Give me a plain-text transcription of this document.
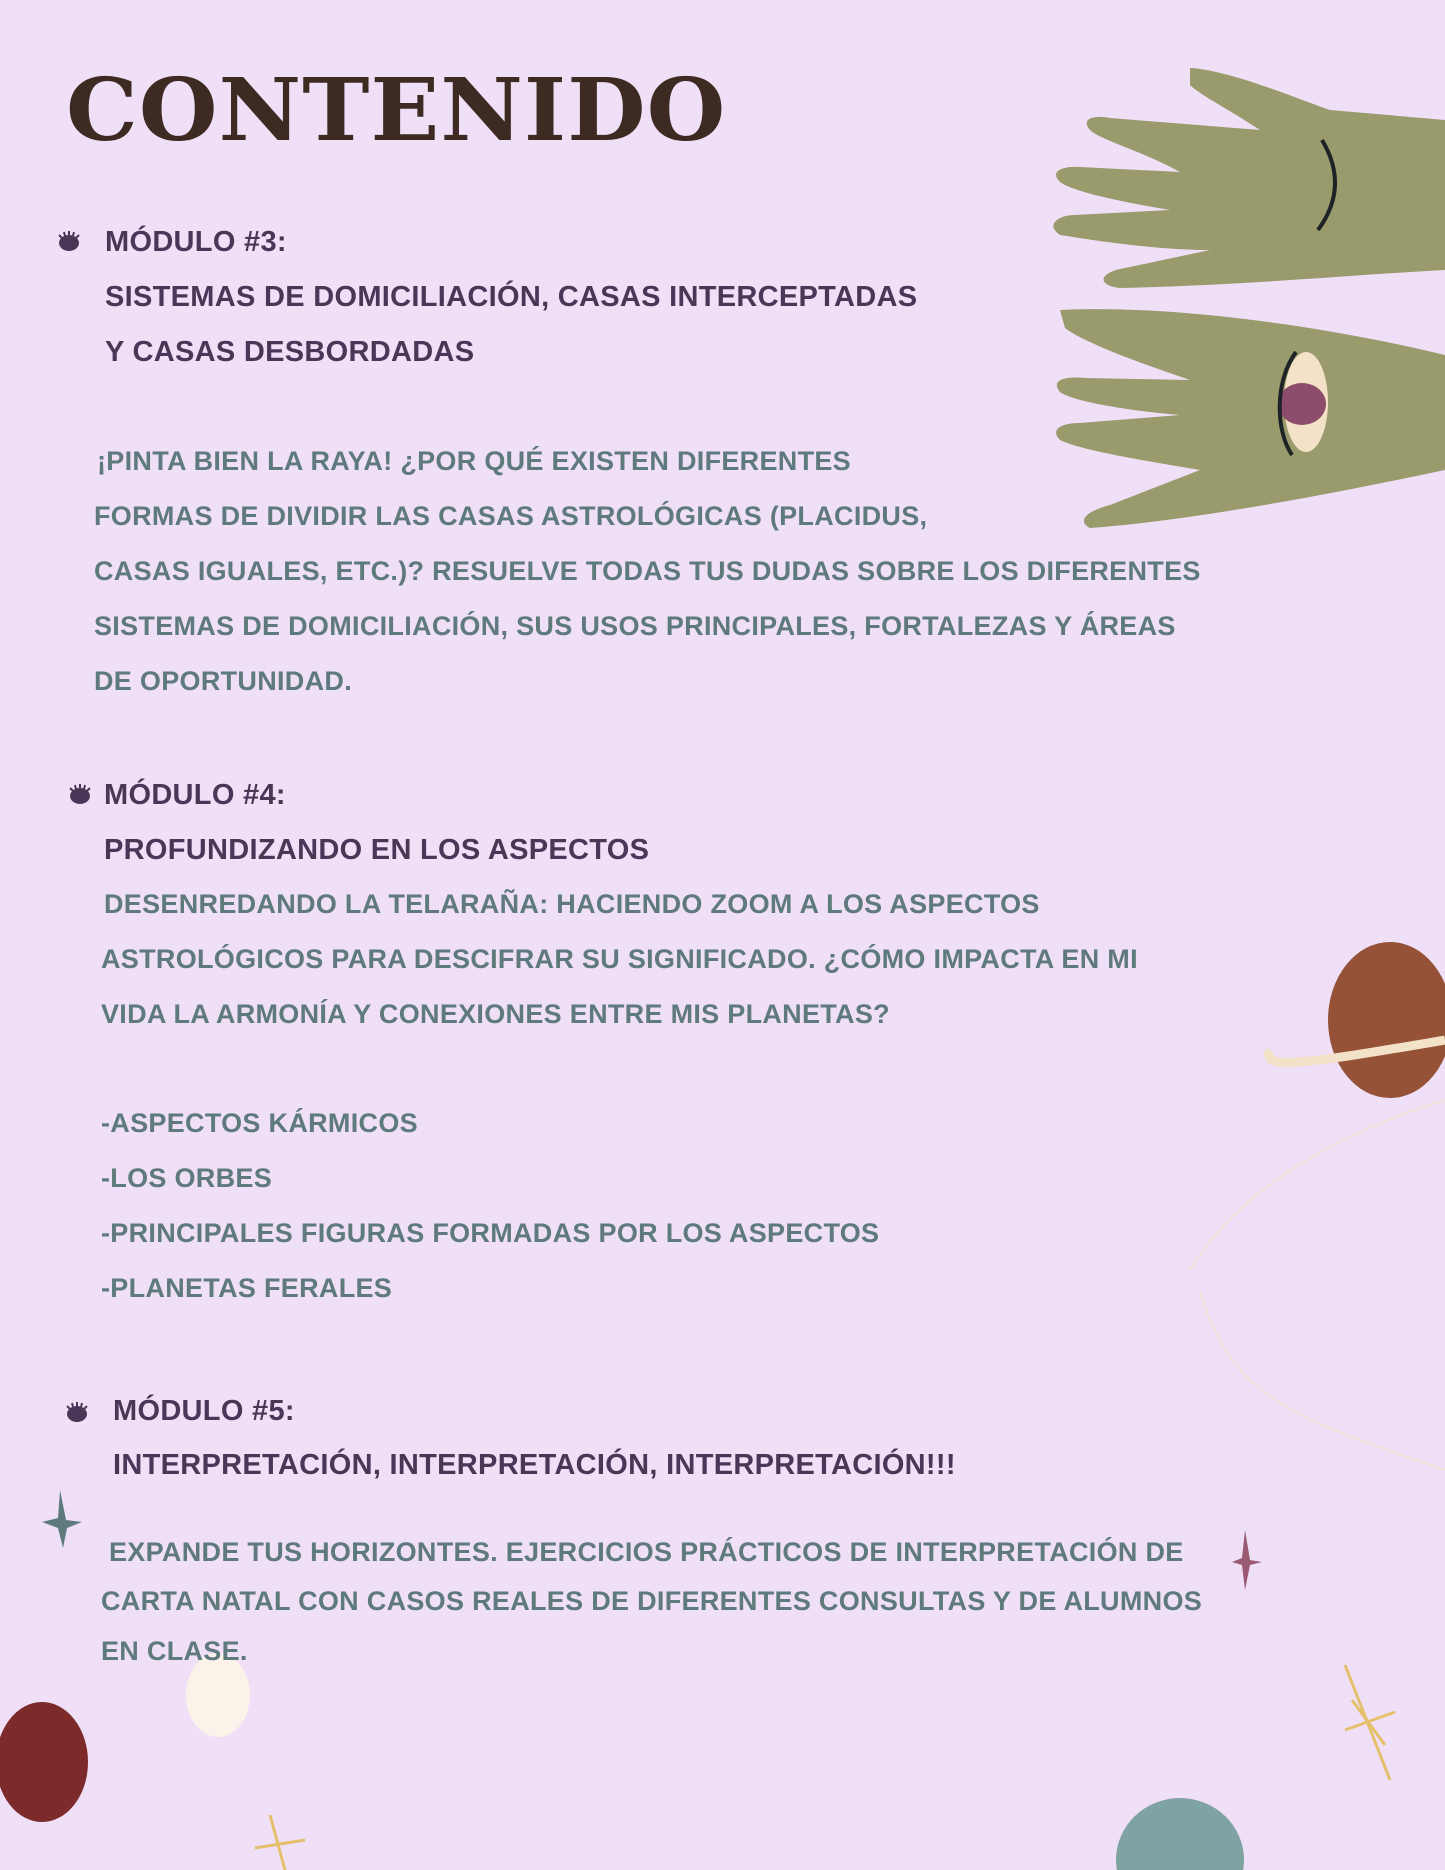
CONTENIDO
MÓDULO #3:
SISTEMAS DE DOMICILIACIÓN, CASAS INTERCEPTADAS
Y CASAS DESBORDADAS
¡PINTA BIEN LA RAYA! ¿POR QUÉ EXISTEN DIFERENTES
FORMAS DE DIVIDIR LAS CASAS ASTROLÓGICAS (PLACIDUS,
CASAS IGUALES, ETC.)? RESUELVE TODAS TUS DUDAS SOBRE LOS DIFERENTES
SISTEMAS DE DOMICILIACIÓN, SUS USOS PRINCIPALES, FORTALEZAS Y ÁREAS
DE OPORTUNIDAD.
MÓDULO #4:
PROFUNDIZANDO EN LOS ASPECTOS
DESENREDANDO LA TELARAÑA: HACIENDO ZOOM A LOS ASPECTOS
ASTROLÓGICOS PARA DESCIFRAR SU SIGNIFICADO. ¿CÓMO IMPACTA EN MI
VIDA LA ARMONÍA Y CONEXIONES ENTRE MIS PLANETAS?
-ASPECTOS KÁRMICOS
-LOS ORBES
-PRINCIPALES FIGURAS FORMADAS POR LOS ASPECTOS
-PLANETAS FERALES
MÓDULO #5:
INTERPRETACIÓN, INTERPRETACIÓN, INTERPRETACIÓN!!!
EXPANDE TUS HORIZONTES. EJERCICIOS PRÁCTICOS DE INTERPRETACIÓN DE
CARTA NATAL CON CASOS REALES DE DIFERENTES CONSULTAS Y DE ALUMNOS
EN CLASE.
